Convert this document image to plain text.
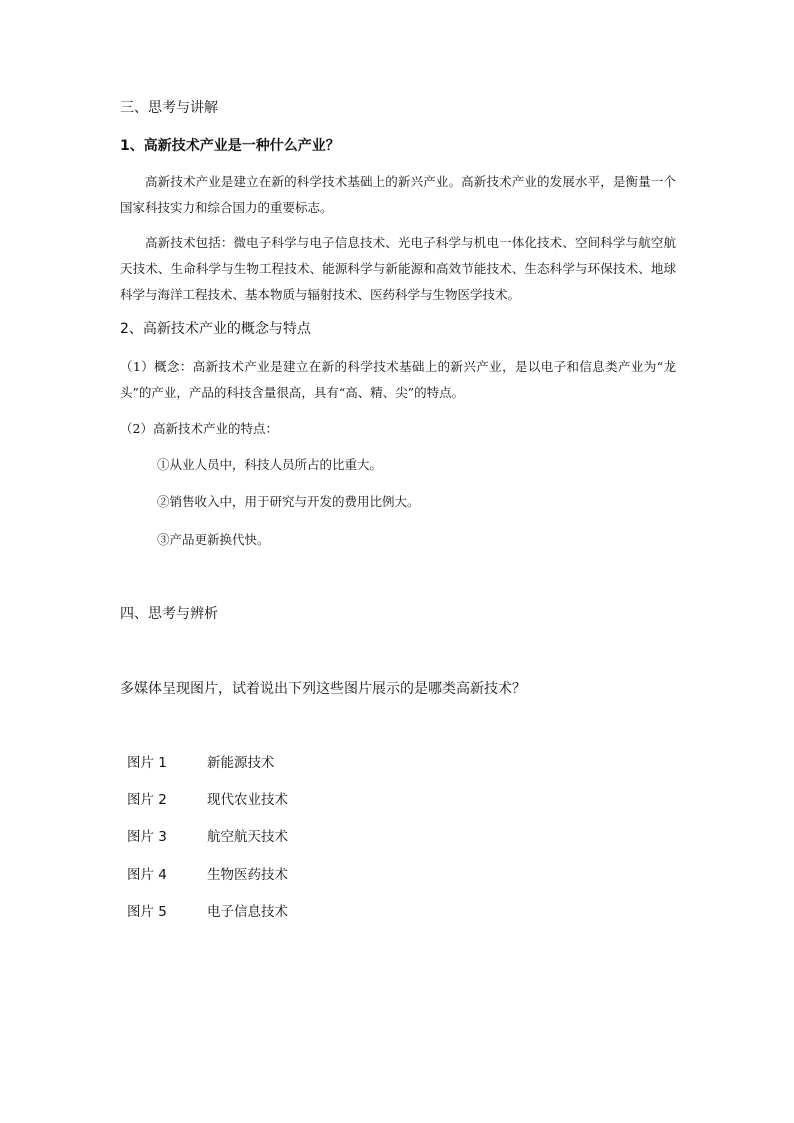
三、思考与讲解
1、高新技术产业是一种什么产业？
高新技术产业是建立在新的科学技术基础上的新兴产业。高新技术产业的发展水平，是衡量一个国家科技实力和综合国力的重要标志。
高新技术包括：微电子科学与电子信息技术、光电子科学与机电一体化技术、空间科学与航空航天技术、生命科学与生物工程技术、能源科学与新能源和高效节能技术、生态科学与环保技术、地球科学与海洋工程技术、基本物质与辐射技术、医药科学与生物医学技术。
2、高新技术产业的概念与特点
（1）概念：高新技术产业是建立在新的科学技术基础上的新兴产业，是以电子和信息类产业为“龙头”的产业，产品的科技含量很高，具有“高、精、尖”的特点。
（2）高新技术产业的特点：
①从业人员中，科技人员所占的比重大。
②销售收入中，用于研究与开发的费用比例大。
③产品更新换代快。
四、思考与辨析
多媒体呈现图片，试着说出下列这些图片展示的是哪类高新技术？
图片 1	新能源技术
图片 2	现代农业技术
图片 3	航空航天技术
图片 4	生物医药技术
图片 5	电子信息技术
